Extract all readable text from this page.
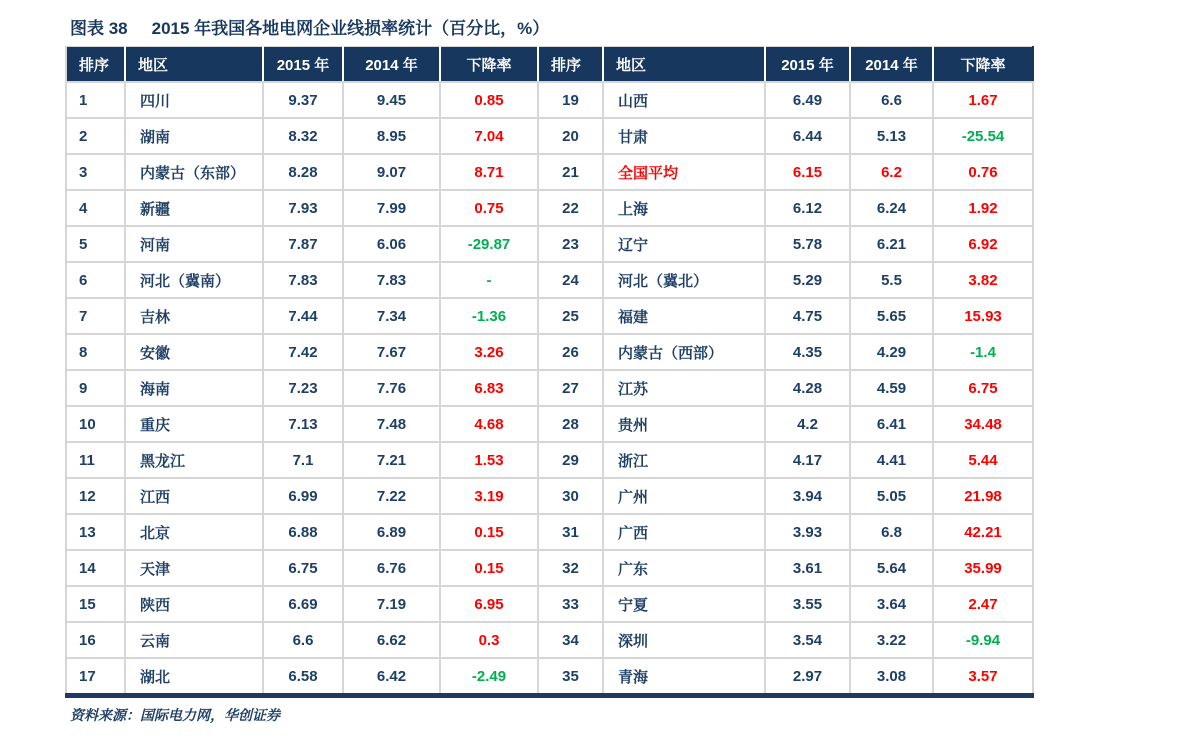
图表 38 2015 年我国各地电网企业线损率统计（百分比，%）
排序	地区	2015 年	2014 年	下降率	排序	地区	2015 年	2014 年	下降率
1	四川	9.37	9.45	0.85	19	山西	6.49	6.6	1.67
2	湖南	8.32	8.95	7.04	20	甘肃	6.44	5.13	-25.54
3	内蒙古（东部）	8.28	9.07	8.71	21	全国平均	6.15	6.2	0.76
4	新疆	7.93	7.99	0.75	22	上海	6.12	6.24	1.92
5	河南	7.87	6.06	-29.87	23	辽宁	5.78	6.21	6.92
6	河北（冀南）	7.83	7.83	-	24	河北（冀北）	5.29	5.5	3.82
7	吉林	7.44	7.34	-1.36	25	福建	4.75	5.65	15.93
8	安徽	7.42	7.67	3.26	26	内蒙古（西部）	4.35	4.29	-1.4
9	海南	7.23	7.76	6.83	27	江苏	4.28	4.59	6.75
10	重庆	7.13	7.48	4.68	28	贵州	4.2	6.41	34.48
11	黑龙江	7.1	7.21	1.53	29	浙江	4.17	4.41	5.44
12	江西	6.99	7.22	3.19	30	广州	3.94	5.05	21.98
13	北京	6.88	6.89	0.15	31	广西	3.93	6.8	42.21
14	天津	6.75	6.76	0.15	32	广东	3.61	5.64	35.99
15	陕西	6.69	7.19	6.95	33	宁夏	3.55	3.64	2.47
16	云南	6.6	6.62	0.3	34	深圳	3.54	3.22	-9.94
17	湖北	6.58	6.42	-2.49	35	青海	2.97	3.08	3.57
资料来源：国际电力网，华创证券
